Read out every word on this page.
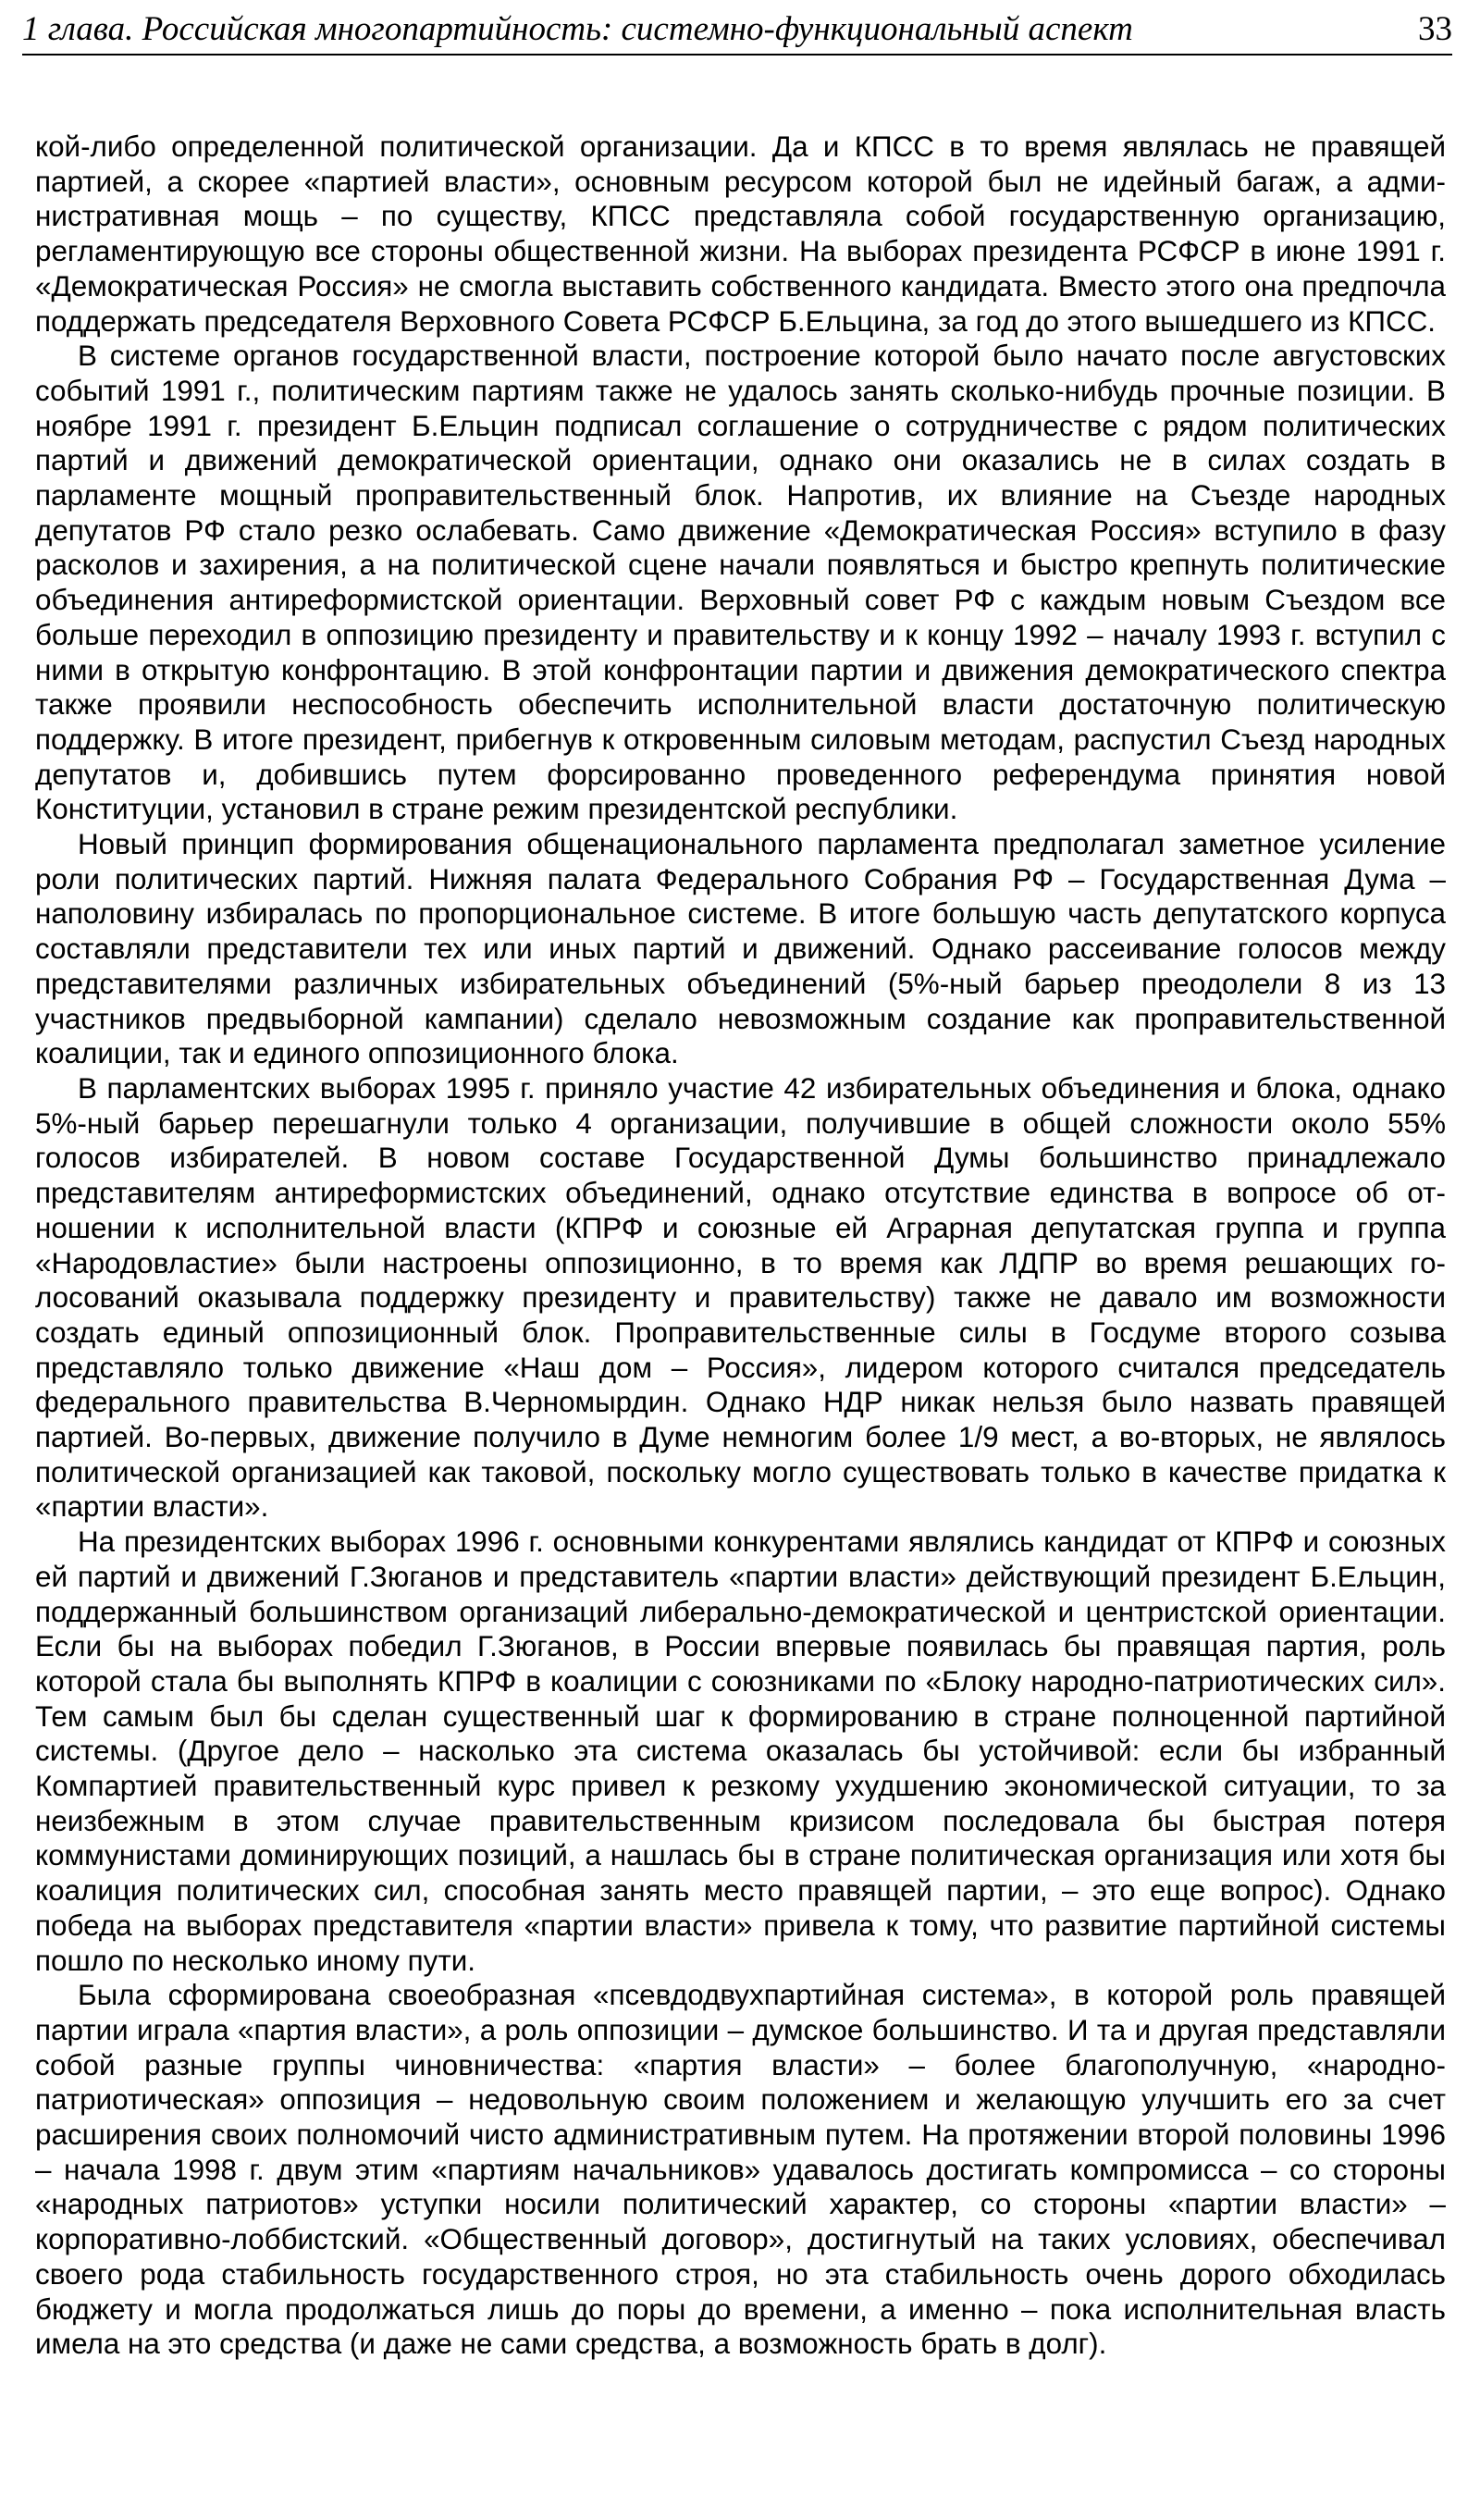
1 глава. Российская многопартийность: системно-функциональный аспект	33

кой-либо определенной политической организации. Да и КПСС в то время являлась не правящей партией, а скорее «партией власти», основным ресурсом которой был не идейный багаж, а административная мощь – по существу, КПСС представляла собой государственную организацию, регламентирующую все стороны общественной жизни. На выборах президента РСФСР в июне 1991 г. «Демократическая Россия» не смогла выставить собственного кандидата. Вместо этого она предпочла поддержать председателя Верховного Совета РСФСР Б.Ельцина, за год до этого вышедшего из КПСС.

В системе органов государственной власти, построение которой было начато после августовских событий 1991 г., политическим партиям также не удалось занять сколько-нибудь прочные позиции. В ноябре 1991 г. президент Б.Ельцин подписал соглашение о сотрудничестве с рядом политических партий и движений демократической ориентации, однако они оказались не в силах создать в парламенте мощный проправительственный блок. Напротив, их влияние на Съезде народных депутатов РФ стало резко ослабевать. Само движение «Демократическая Россия» вступило в фазу расколов и захирения, а на политической сцене начали появляться и быстро крепнуть политические объединения антиреформистской ориентации. Верховный совет РФ с каждым новым Съездом все больше переходил в оппозицию президенту и правительству и к концу 1992 – началу 1993 г. вступил с ними в открытую конфронтацию. В этой конфронтации партии и движения демократического спектра также проявили неспособность обеспечить исполнительной власти достаточную политическую поддержку. В итоге президент, прибегнув к откровенным силовым методам, распустил Съезд народных депутатов и, добившись путем форсированно проведенного референдума принятия новой Конституции, установил в стране режим президентской республики.

Новый принцип формирования общенационального парламента предполагал заметное усиление роли политических партий. Нижняя палата Федерального Собрания РФ – Государственная Дума – наполовину избиралась по пропорциональное системе. В итоге большую часть депутатского корпуса составляли представители тех или иных партий и движений. Однако рассеивание голосов между представителями различных избирательных объединений (5%-ный барьер преодолели 8 из 13 участников предвыборной кампании) сделало невозможным создание как проправительственной коалиции, так и единого оппозиционного блока.

В парламентских выборах 1995 г. приняло участие 42 избирательных объединения и блока, однако 5%-ный барьер перешагнули только 4 организации, получившие в общей сложности около 55% голосов избирателей. В новом составе Государственной Думы большинство принадлежало представителям антиреформистских объединений, однако отсутствие единства в вопросе об отношении к исполнительной власти (КПРФ и союзные ей Аграрная депутатская группа и группа «Народовластие» были настроены оппозиционно, в то время как ЛДПР во время решающих голосований оказывала поддержку президенту и правительству) также не давало им возможности создать единый оппозиционный блок. Проправительственные силы в Госдуме второго созыва представляло только движение «Наш дом – Россия», лидером которого считался председатель федерального правительства В.Черномырдин. Однако НДР никак нельзя было назвать правящей партией. Во-первых, движение получило в Думе немногим более 1/9 мест, а во-вторых, не являлось политической организацией как таковой, поскольку могло существовать только в качестве придатка к «партии власти».

На президентских выборах 1996 г. основными конкурентами являлись кандидат от КПРФ и союзных ей партий и движений Г.Зюганов и представитель «партии власти» действующий президент Б.Ельцин, поддержанный большинством организаций либерально-демократической и центристской ориентации. Если бы на выборах победил Г.Зюганов, в России впервые появилась бы правящая партия, роль которой стала бы выполнять КПРФ в коалиции с союзниками по «Блоку народно-патриотических сил». Тем самым был бы сделан существенный шаг к формированию в стране полноценной партийной системы. (Другое дело – насколько эта система оказалась бы устойчивой: если бы избранный Компартией правительственный курс привел к резкому ухудшению экономической ситуации, то за неизбежным в этом случае правительственным кризисом последовала бы быстрая потеря коммунистами доминирующих позиций, а нашлась бы в стране политическая организация или хотя бы коалиция политических сил, способная занять место правящей партии, – это еще вопрос). Однако победа на выборах представителя «партии власти» привела к тому, что развитие партийной системы пошло по несколько иному пути.

Была сформирована своеобразная «псевдодвухпартийная система», в которой роль правящей партии играла «партия власти», а роль оппозиции – думское большинство. И та и другая представляли собой разные группы чиновничества: «партия власти» – более благополучную, «народно-патриотическая» оппозиция – недовольную своим положением и желающую улучшить его за счет расширения своих полномочий чисто административным путем. На протяжении второй половины 1996 – начала 1998 г. двум этим «партиям начальников» удавалось достигать компромисса – со стороны «народных патриотов» уступки носили политический характер, со стороны «партии власти» – корпоративно-лоббистский. «Общественный договор», достигнутый на таких условиях, обеспечивал своего рода стабильность государственного строя, но эта стабильность очень дорого обходилась бюджету и могла продолжаться лишь до поры до времени, а именно – пока исполнительная власть имела на это средства (и даже не сами средства, а возможность брать в долг).
